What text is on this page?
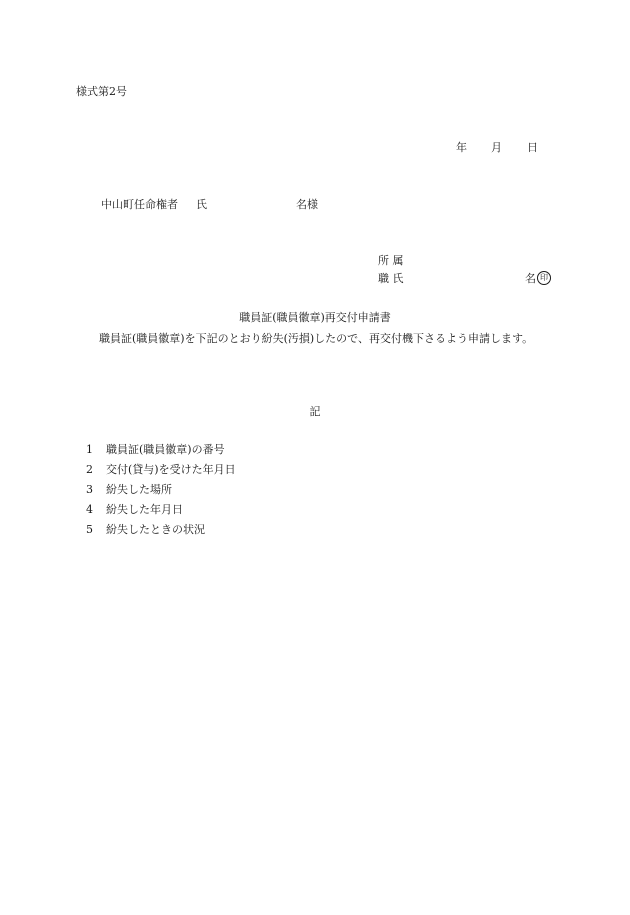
様式第2号
年 月 日
中山町任命権者 氏	名様
所 属
職 氏	名 印
職員証(職員徽章)再交付申請書
職員証(職員徽章)を下記のとおり紛失(汚損)したので、再交付機下さるよう申請します。
記
1	職員証(職員徽章)の番号
2	交付(貸与)を受けた年月日
3	紛失した場所
4	紛失した年月日
5	紛失したときの状況
